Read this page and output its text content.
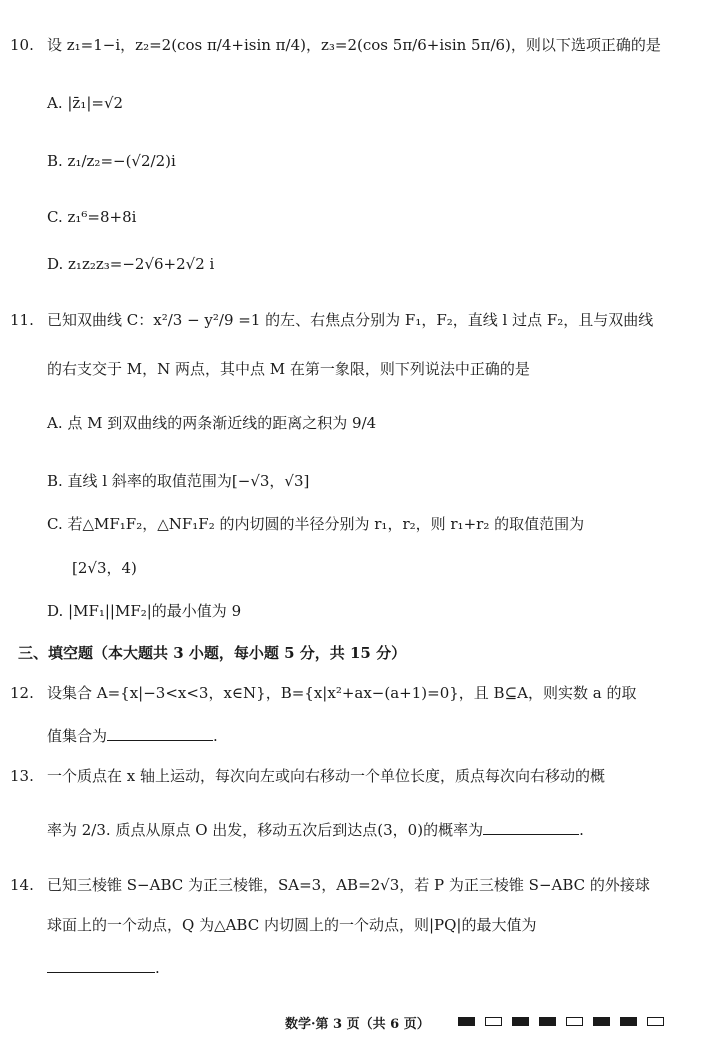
10. 设 z₁=1−i，z₂=2(cos π/4+isin π/4)，z₃=2(cos 5π/6+isin 5π/6)，则以下选项正确的是
A. |z̄₁|=√2
B. z₁/z₂=−(√2/2)i
C. z₁⁶=8+8i
D. z₁z₂z₃=−2√6+2√2 i
11. 已知双曲线 C：x²/3 − y²/9 =1 的左、右焦点分别为 F₁，F₂，直线 l 过点 F₂，且与双曲线
的右支交于 M，N 两点，其中点 M 在第一象限，则下列说法中正确的是
A. 点 M 到双曲线的两条渐近线的距离之积为 9/4
B. 直线 l 斜率的取值范围为[−√3，√3]
C. 若△MF₁F₂，△NF₁F₂ 的内切圆的半径分别为 r₁，r₂，则 r₁+r₂ 的取值范围为
[2√3，4)
D. |MF₁||MF₂|的最小值为 9
三、填空题（本大题共 3 小题，每小题 5 分，共 15 分）
12. 设集合 A={x|−3<x<3，x∈N}，B={x|x²+ax−(a+1)=0}，且 B⊆A，则实数 a 的取
值集合为	.
13. 一个质点在 x 轴上运动，每次向左或向右移动一个单位长度，质点每次向右移动的概
率为 2/3. 质点从原点 O 出发，移动五次后到达点(3，0)的概率为	.
14. 已知三棱锥 S−ABC 为正三棱锥，SA=3，AB=2√3，若 P 为正三棱锥 S−ABC 的外接球
球面上的一个动点，Q 为△ABC 内切圆上的一个动点，则|PQ|的最大值为
.
数学·第 3 页（共 6 页）
